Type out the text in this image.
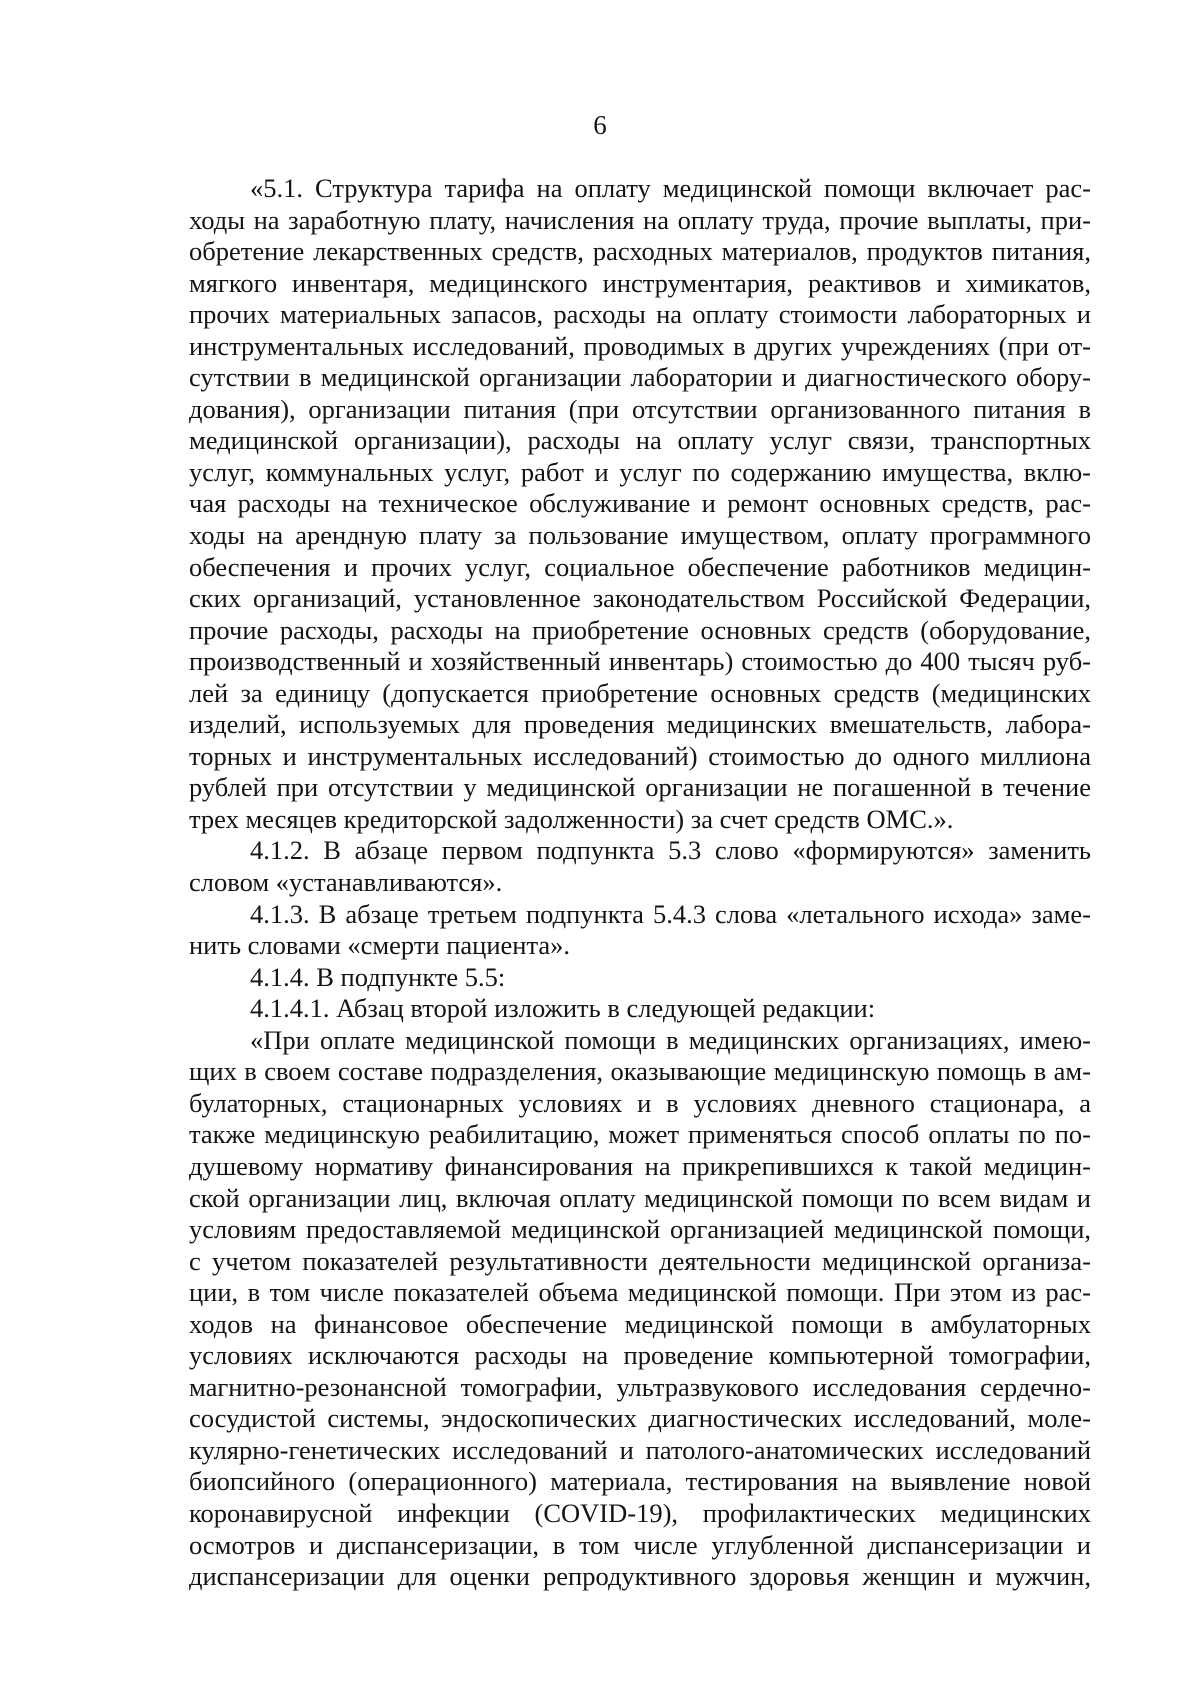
6
«5.1. Структура тарифа на оплату медицинской помощи включает рас-
ходы на заработную плату, начисления на оплату труда, прочие выплаты, при-
обретение лекарственных средств, расходных материалов, продуктов питания,
мягкого инвентаря, медицинского инструментария, реактивов и химикатов,
прочих материальных запасов, расходы на оплату стоимости лабораторных и
инструментальных исследований, проводимых в других учреждениях (при от-
сутствии в медицинской организации лаборатории и диагностического обору-
дования), организации питания (при отсутствии организованного питания в
медицинской организации), расходы на оплату услуг связи, транспортных
услуг, коммунальных услуг, работ и услуг по содержанию имущества, вклю-
чая расходы на техническое обслуживание и ремонт основных средств, рас-
ходы на арендную плату за пользование имуществом, оплату программного
обеспечения и прочих услуг, социальное обеспечение работников медицин-
ских организаций, установленное законодательством Российской Федерации,
прочие расходы, расходы на приобретение основных средств (оборудование,
производственный и хозяйственный инвентарь) стоимостью до 400 тысяч руб-
лей за единицу (допускается приобретение основных средств (медицинских
изделий, используемых для проведения медицинских вмешательств, лабора-
торных и инструментальных исследований) стоимостью до одного миллиона
рублей при отсутствии у медицинской организации не погашенной в течение
трех месяцев кредиторской задолженности) за счет средств ОМС.».
4.1.2. В абзаце первом подпункта 5.3 слово «формируются» заменить
словом «устанавливаются».
4.1.3. В абзаце третьем подпункта 5.4.3 слова «летального исхода» заме-
нить словами «смерти пациента».
4.1.4. В подпункте 5.5:
4.1.4.1. Абзац второй изложить в следующей редакции:
«При оплате медицинской помощи в медицинских организациях, имею-
щих в своем составе подразделения, оказывающие медицинскую помощь в ам-
булаторных, стационарных условиях и в условиях дневного стационара, а
также медицинскую реабилитацию, может применяться способ оплаты по по-
душевому нормативу финансирования на прикрепившихся к такой медицин-
ской организации лиц, включая оплату медицинской помощи по всем видам и
условиям предоставляемой медицинской организацией медицинской помощи,
с учетом показателей результативности деятельности медицинской организа-
ции, в том числе показателей объема медицинской помощи. При этом из рас-
ходов на финансовое обеспечение медицинской помощи в амбулаторных
условиях исключаются расходы на проведение компьютерной томографии,
магнитно-резонансной томографии, ультразвукового исследования сердечно-
сосудистой системы, эндоскопических диагностических исследований, моле-
кулярно-генетических исследований и патолого-анатомических исследований
биопсийного (операционного) материала, тестирования на выявление новой
коронавирусной инфекции (COVID-19), профилактических медицинских
осмотров и диспансеризации, в том числе углубленной диспансеризации и
диспансеризации для оценки репродуктивного здоровья женщин и мужчин,
